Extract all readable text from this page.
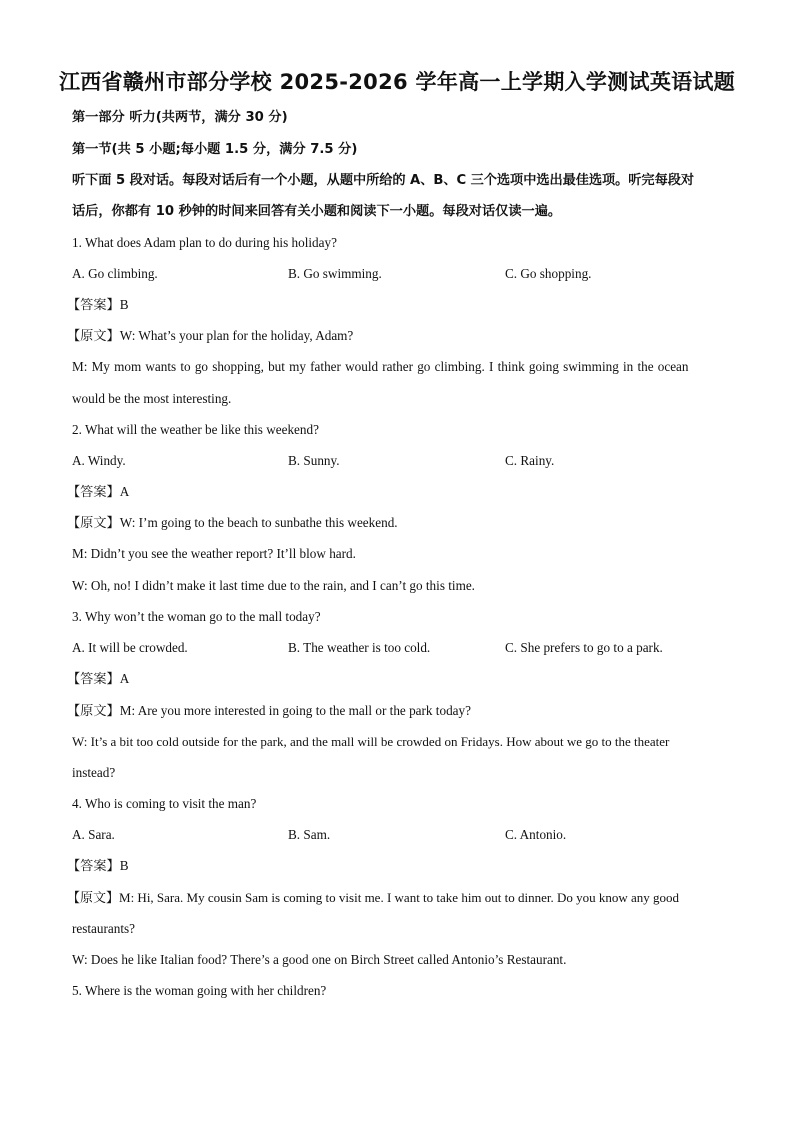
江西省赣州市部分学校 2025-2026 学年高一上学期入学测试英语试题
第一部分 听力(共两节，满分 30 分)
第一节(共 5 小题;每小题 1.5 分，满分 7.5 分)
听下面 5 段对话。每段对话后有一个小题，从题中所给的 A、B、C 三个选项中选出最佳选项。听完每段对
话后，你都有 10 秒钟的时间来回答有关小题和阅读下一小题。每段对话仅读一遍。
1. What does Adam plan to do during his holiday?
A. Go climbing.	B. Go swimming.	C. Go shopping.
【答案】B
【原文】W: What’s your plan for the holiday, Adam?
M: My mom wants to go shopping, but my father would rather go climbing. I think going swimming in the ocean
would be the most interesting.
2. What will the weather be like this weekend?
A. Windy.	B. Sunny.	C. Rainy.
【答案】A
【原文】W: I’m going to the beach to sunbathe this weekend.
M: Didn’t you see the weather report? It’ll blow hard.
W: Oh, no! I didn’t make it last time due to the rain, and I can’t go this time.
3. Why won’t the woman go to the mall today?
A. It will be crowded.	B. The weather is too cold.	C. She prefers to go to a park.
【答案】A
【原文】M: Are you more interested in going to the mall or the park today?
W: It’s a bit too cold outside for the park, and the mall will be crowded on Fridays. How about we go to the theater
instead?
4. Who is coming to visit the man?
A. Sara.	B. Sam.	C. Antonio.
【答案】B
【原文】M: Hi, Sara. My cousin Sam is coming to visit me. I want to take him out to dinner. Do you know any good
restaurants?
W: Does he like Italian food? There’s a good one on Birch Street called Antonio’s Restaurant.
5. Where is the woman going with her children?
